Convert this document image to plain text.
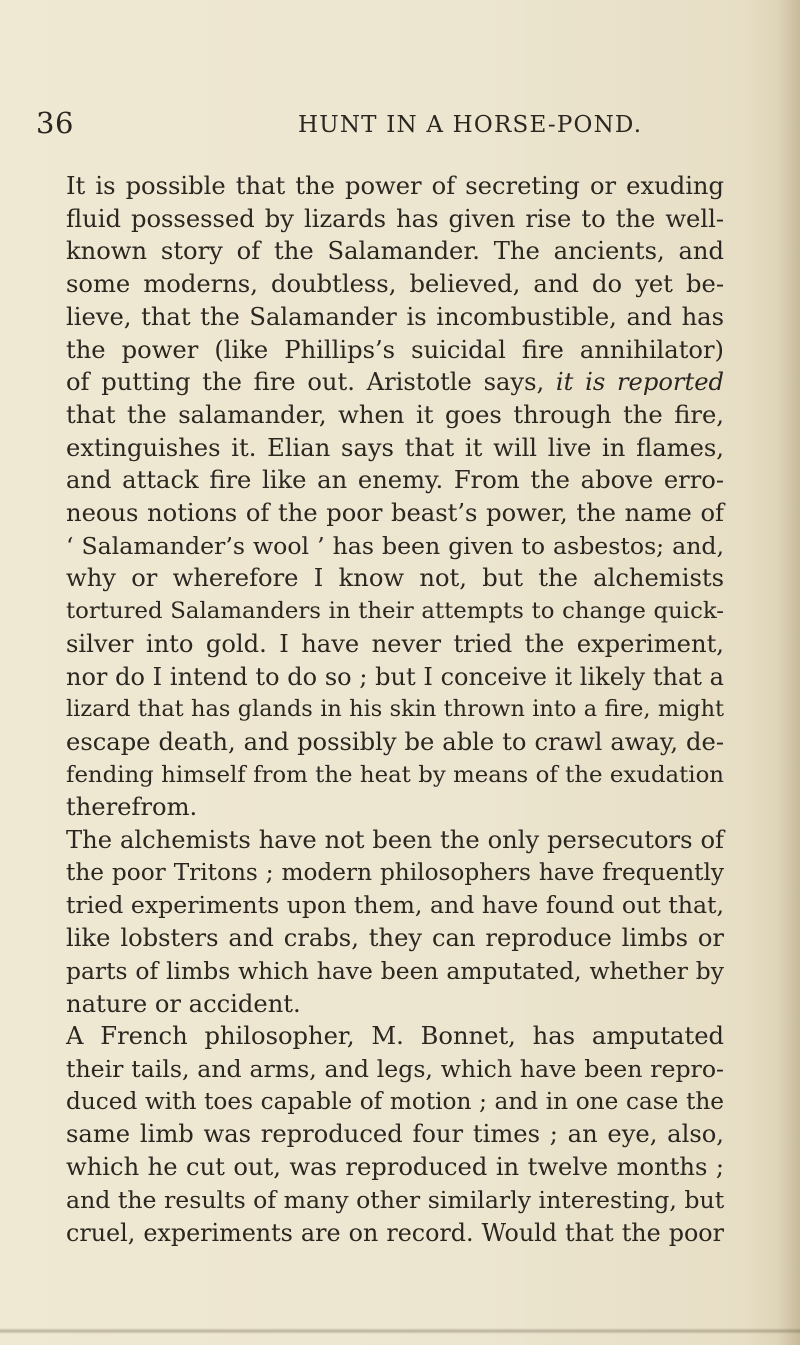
36	HUNT IN A HORSE-POND.

It is possible that the power of secreting or exuding
fluid possessed by lizards has given rise to the well-
known story of the Salamander. The ancients, and
some moderns, doubtless, believed, and do yet be-
lieve, that the Salamander is incombustible, and has
the power (like Phillips’s suicidal fire annihilator)
of putting the fire out. Aristotle says, it is reported
that the salamander, when it goes through the fire,
extinguishes it. Elian says that it will live in flames,
and attack fire like an enemy. From the above erro-
neous notions of the poor beast’s power, the name of
‘ Salamander’s wool ’ has been given to asbestos; and,
why or wherefore I know not, but the alchemists
tortured Salamanders in their attempts to change quick-
silver into gold. I have never tried the experiment,
nor do I intend to do so ; but I conceive it likely that a
lizard that has glands in his skin thrown into a fire, might
escape death, and possibly be able to crawl away, de-
fending himself from the heat by means of the exudation
therefrom.

The alchemists have not been the only persecutors of
the poor Tritons ; modern philosophers have frequently
tried experiments upon them, and have found out that,
like lobsters and crabs, they can reproduce limbs or
parts of limbs which have been amputated, whether by
nature or accident.

A French philosopher, M. Bonnet, has amputated
their tails, and arms, and legs, which have been repro-
duced with toes capable of motion ; and in one case the
same limb was reproduced four times ; an eye, also,
which he cut out, was reproduced in twelve months ;
and the results of many other similarly interesting, but
cruel, experiments are on record. Would that the poor
